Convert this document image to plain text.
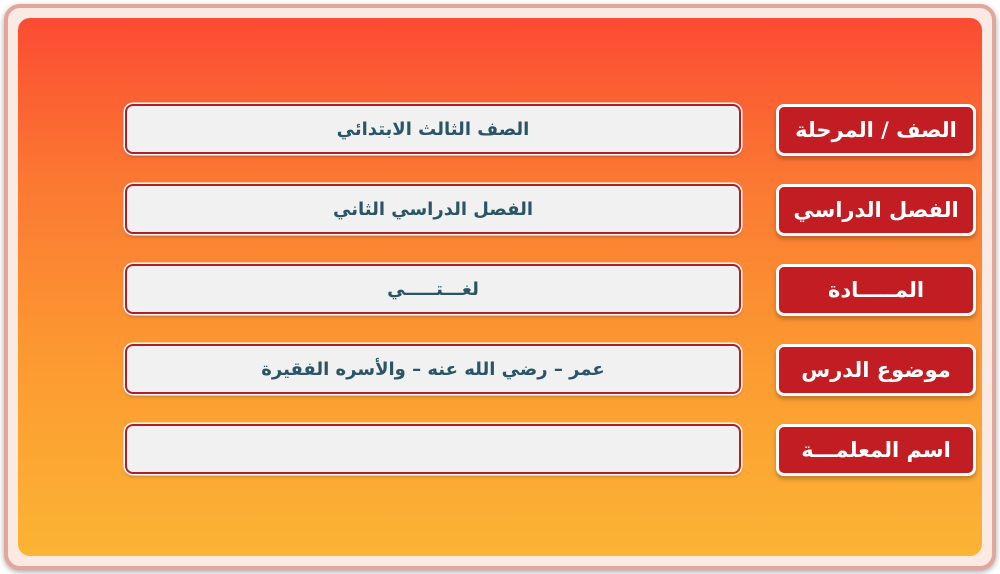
الصف الثالث الابتدائي	الصف / المرحلة
الفصل الدراسي الثاني	الفصل الدراسي
لغـــتـــــي	المـــــادة
عمر – رضي الله عنه – والأسره الفقيرة	موضوع الدرس
اسم المعلمـــة
